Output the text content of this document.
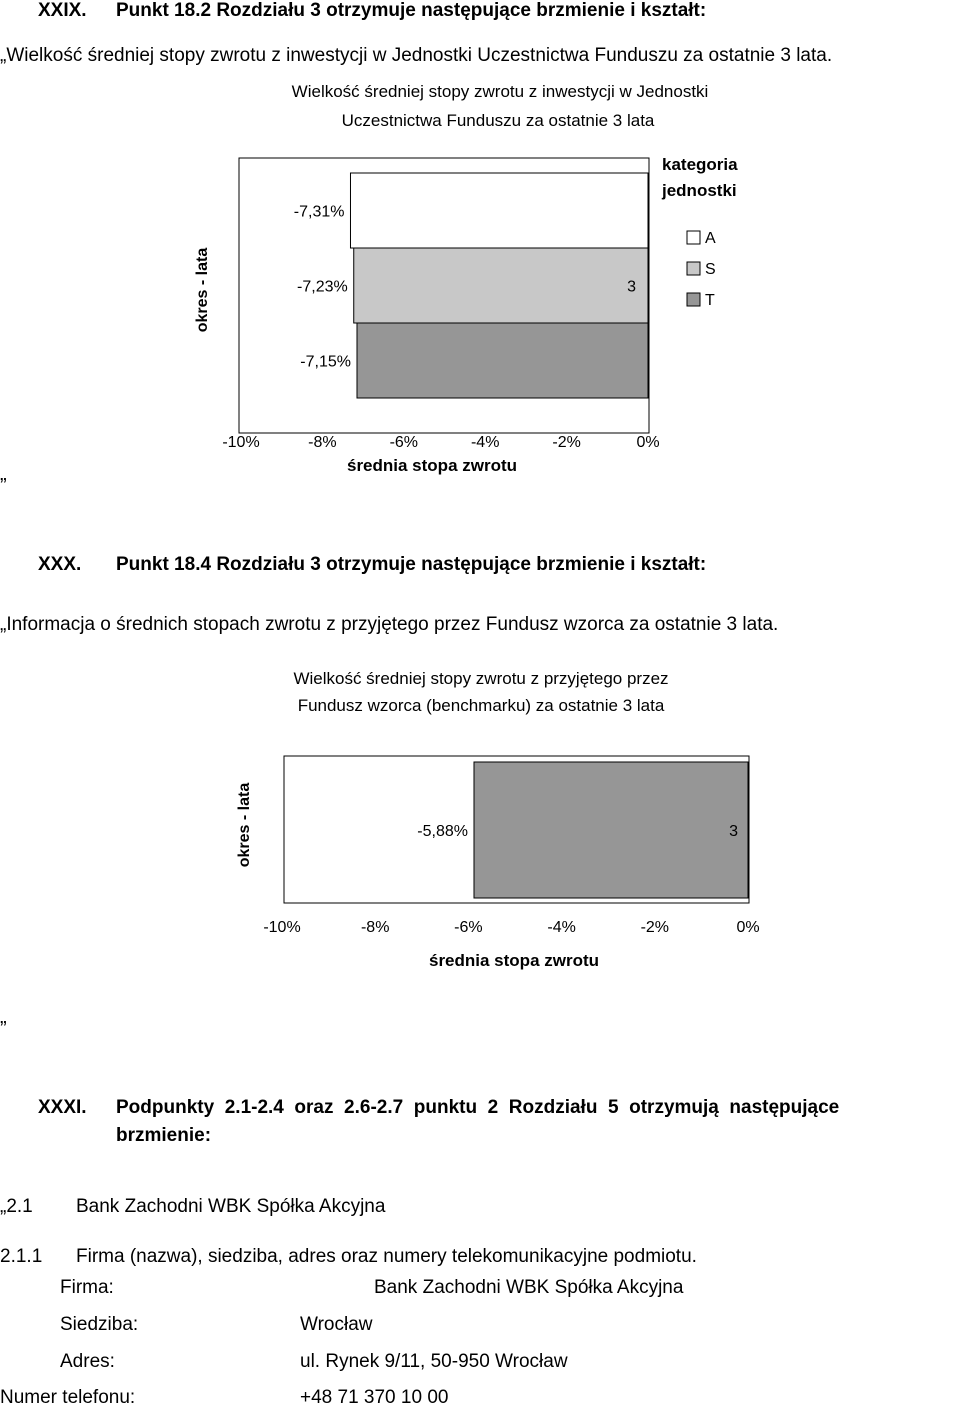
XXIX. Punkt 18.2 Rozdziału 3 otrzymuje następujące brzmienie i kształt:
„Wielkość średniej stopy zwrotu z inwestycji w Jednostki Uczestnictwa Funduszu za ostatnie 3 lata.
Wielkość średniej stopy zwrotu z inwestycji w Jednostki
Uczestnictwa Funduszu za ostatnie 3 lata
okres - lata
-7,31%
-7,23%
-7,15%
3
-10%	-8%	-6%	-4%	-2%	0%
średnia stopa zwrotu
kategoria
jednostki
A
S
T
”
XXX. Punkt 18.4 Rozdziału 3 otrzymuje następujące brzmienie i kształt:
„Informacja o średnich stopach zwrotu z przyjętego przez Fundusz wzorca za ostatnie 3 lata.
Wielkość średniej stopy zwrotu z przyjętego przez
Fundusz wzorca (benchmarku) za ostatnie 3 lata
okres - lata	-5,88%	3
-10%	-8%	-6%	-4%	-2%	0%
średnia stopa zwrotu
”
XXXI. Podpunkty  2.1-2.4  oraz  2.6-2.7  punktu  2  Rozdziału  5  otrzymują  następujące
brzmienie:
„2.1 Bank Zachodni WBK Spółka Akcyjna
2.1.1 Firma (nazwa), siedziba, adres oraz numery telekomunikacyjne podmiotu.
Firma:	Bank Zachodni WBK Spółka Akcyjna
Siedziba:	Wrocław
Adres:	ul. Rynek 9/11, 50-950 Wrocław
Numer telefonu:	+48 71 370 10 00
